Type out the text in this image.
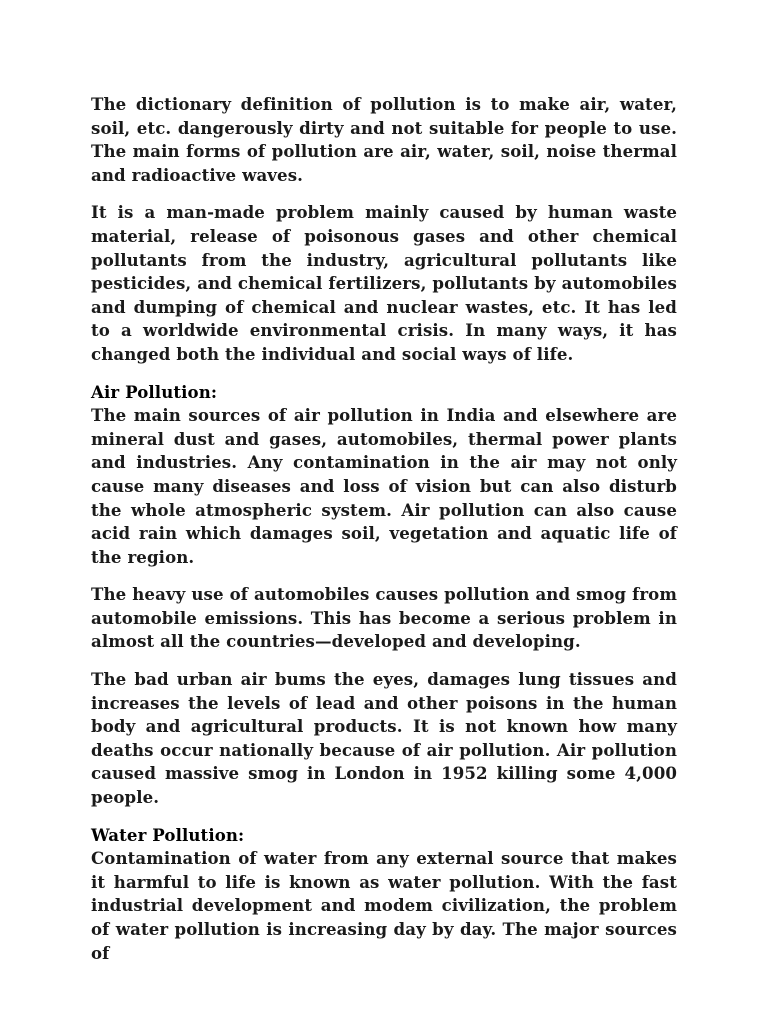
The dictionary definition of pollution is to make air, water, soil, etc. dangerously dirty and not suitable for people to use. The main forms of pollution are air, water, soil, noise thermal and radioactive waves.

It is a man-made problem mainly caused by human waste material, release of poisonous gases and other chemical pollutants from the industry, agricultural pollutants like pesticides, and chemical fertilizers, pollutants by automobiles and dumping of chemical and nuclear wastes, etc. It has led to a worldwide environmental crisis. In many ways, it has changed both the individual and social ways of life.

Air Pollution:

The main sources of air pollution in India and elsewhere are mineral dust and gases, automobiles, thermal power plants and industries. Any contamination in the air may not only cause many diseases and loss of vision but can also disturb the whole atmospheric system. Air pollution can also cause acid rain which damages soil, vegetation and aquatic life of the region.

The heavy use of automobiles causes pollution and smog from automobile emissions. This has become a serious problem in almost all the countries—developed and developing.

The bad urban air bums the eyes, damages lung tissues and increases the levels of lead and other poisons in the human body and agricultural products. It is not known how many deaths occur nationally because of air pollution. Air pollution caused massive smog in London in 1952 killing some 4,000 people.

Water Pollution:

Contamination of water from any external source that makes it harmful to life is known as water pollution. With the fast industrial development and modem civilization, the problem of water pollution is increasing day by day. The major sources of
